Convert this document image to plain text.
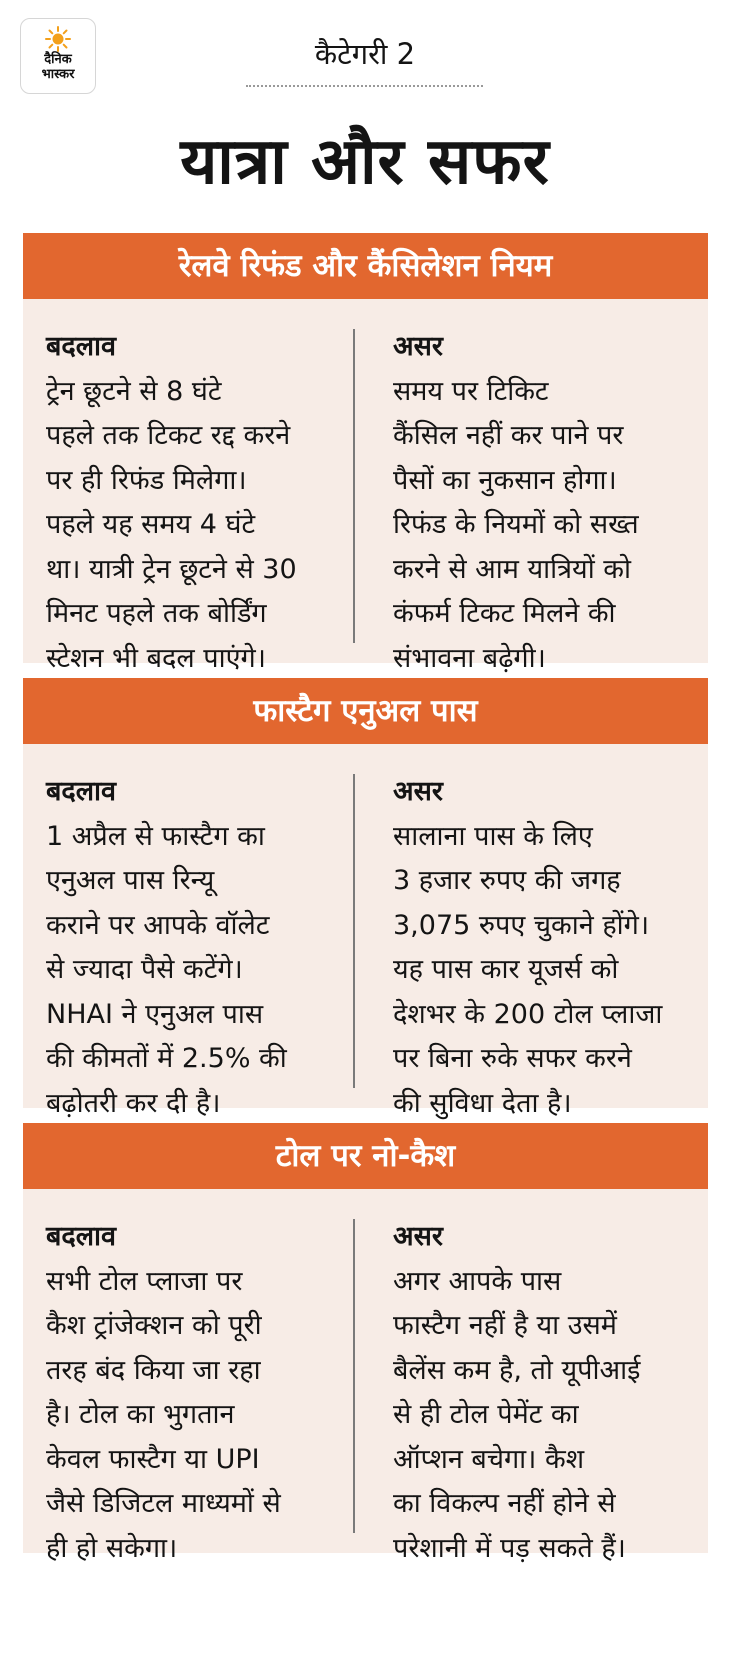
दैनिक
भास्कर
कैटेगरी 2
यात्रा और सफर
रेलवे रिफंड और कैंसिलेशन नियम
बदलाव
ट्रेन छूटने से 8 घंटे
पहले तक टिकट रद्द करने
पर ही रिफंड मिलेगा।
पहले यह समय 4 घंटे
था। यात्री ट्रेन छूटने से 30
मिनट पहले तक बोर्डिंग
स्टेशन भी बदल पाएंगे।
असर
समय पर टिकिट
कैंसिल नहीं कर पाने पर
पैसों का नुकसान होगा।
रिफंड के नियमों को सख्त
करने से आम यात्रियों को
कंफर्म टिकट मिलने की
संभावना बढ़ेगी।
फास्टैग एनुअल पास
बदलाव
1 अप्रैल से फास्टैग का
एनुअल पास रिन्यू
कराने पर आपके वॉलेट
से ज्यादा पैसे कटेंगे।
NHAI ने एनुअल पास
की कीमतों में 2.5% की
बढ़ोतरी कर दी है।
असर
सालाना पास के लिए
3 हजार रुपए की जगह
3,075 रुपए चुकाने होंगे।
यह पास कार यूजर्स को
देशभर के 200 टोल प्लाजा
पर बिना रुके सफर करने
की सुविधा देता है।
टोल पर नो-कैश
बदलाव
सभी टोल प्लाजा पर
कैश ट्रांजेक्शन को पूरी
तरह बंद किया जा रहा
है। टोल का भुगतान
केवल फास्टैग या UPI
जैसे डिजिटल माध्यमों से
ही हो सकेगा।
असर
अगर आपके पास
फास्टैग नहीं है या उसमें
बैलेंस कम है, तो यूपीआई
से ही टोल पेमेंट का
ऑप्शन बचेगा। कैश
का विकल्प नहीं होने से
परेशानी में पड़ सकते हैं।
